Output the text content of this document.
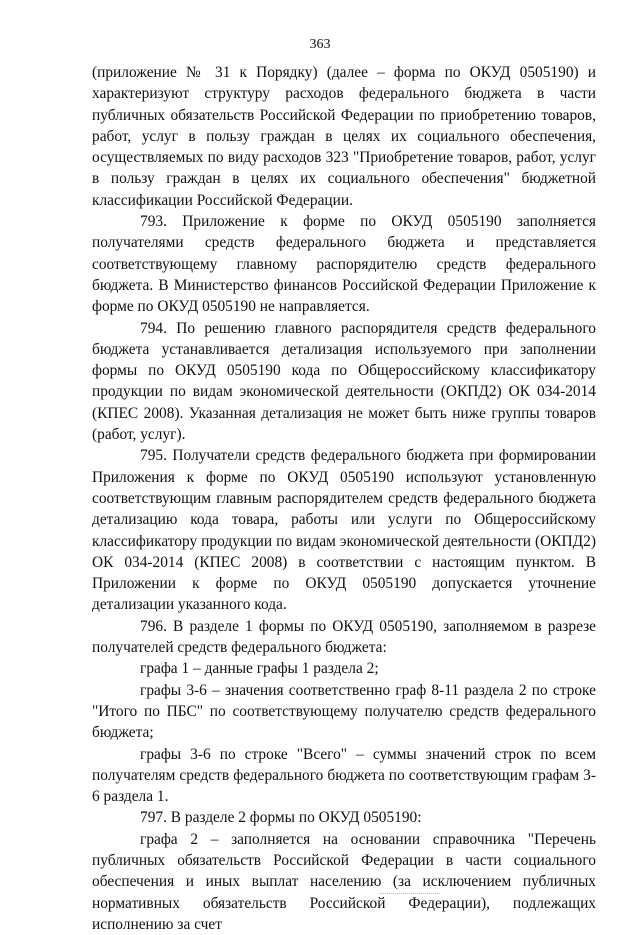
363

(приложение № 31 к Порядку) (далее – форма по ОКУД 0505190) и характеризуют структуру расходов федерального бюджета в части публичных обязательств Российской Федерации по приобретению товаров, работ, услуг в пользу граждан в целях их социального обеспечения, осуществляемых по виду расходов 323 "Приобретение товаров, работ, услуг в пользу граждан в целях их социального обеспечения" бюджетной классификации Российской Федерации.

793. Приложение к форме по ОКУД 0505190 заполняется получателями средств федерального бюджета и представляется соответствующему главному распорядителю средств федерального бюджета. В Министерство финансов Российской Федерации Приложение к форме по ОКУД 0505190 не направляется.

794. По решению главного распорядителя средств федерального бюджета устанавливается детализация используемого при заполнении формы по ОКУД 0505190 кода по Общероссийскому классификатору продукции по видам экономической деятельности (ОКПД2) ОК 034-2014 (КПЕС 2008). Указанная детализация не может быть ниже группы товаров (работ, услуг).

795. Получатели средств федерального бюджета при формировании Приложения к форме по ОКУД 0505190 используют установленную соответствующим главным распорядителем средств федерального бюджета детализацию кода товара, работы или услуги по Общероссийскому классификатору продукции по видам экономической деятельности (ОКПД2) ОК 034-2014 (КПЕС 2008) в соответствии с настоящим пунктом. В Приложении к форме по ОКУД 0505190 допускается уточнение детализации указанного кода.

796. В разделе 1 формы по ОКУД 0505190, заполняемом в разрезе получателей средств федерального бюджета:

графа 1 – данные графы 1 раздела 2;

графы 3-6 – значения соответственно граф 8-11 раздела 2 по строке "Итого по ПБС" по соответствующему получателю средств федерального бюджета;

графы 3-6 по строке "Всего" – суммы значений строк по всем получателям средств федерального бюджета по соответствующим графам 3-6 раздела 1.

797. В разделе 2 формы по ОКУД 0505190:

графа 2 – заполняется на основании справочника "Перечень публичных обязательств Российской Федерации в части социального обеспечения и иных выплат населению (за исключением публичных нормативных обязательств Российской Федерации), подлежащих исполнению за счет
